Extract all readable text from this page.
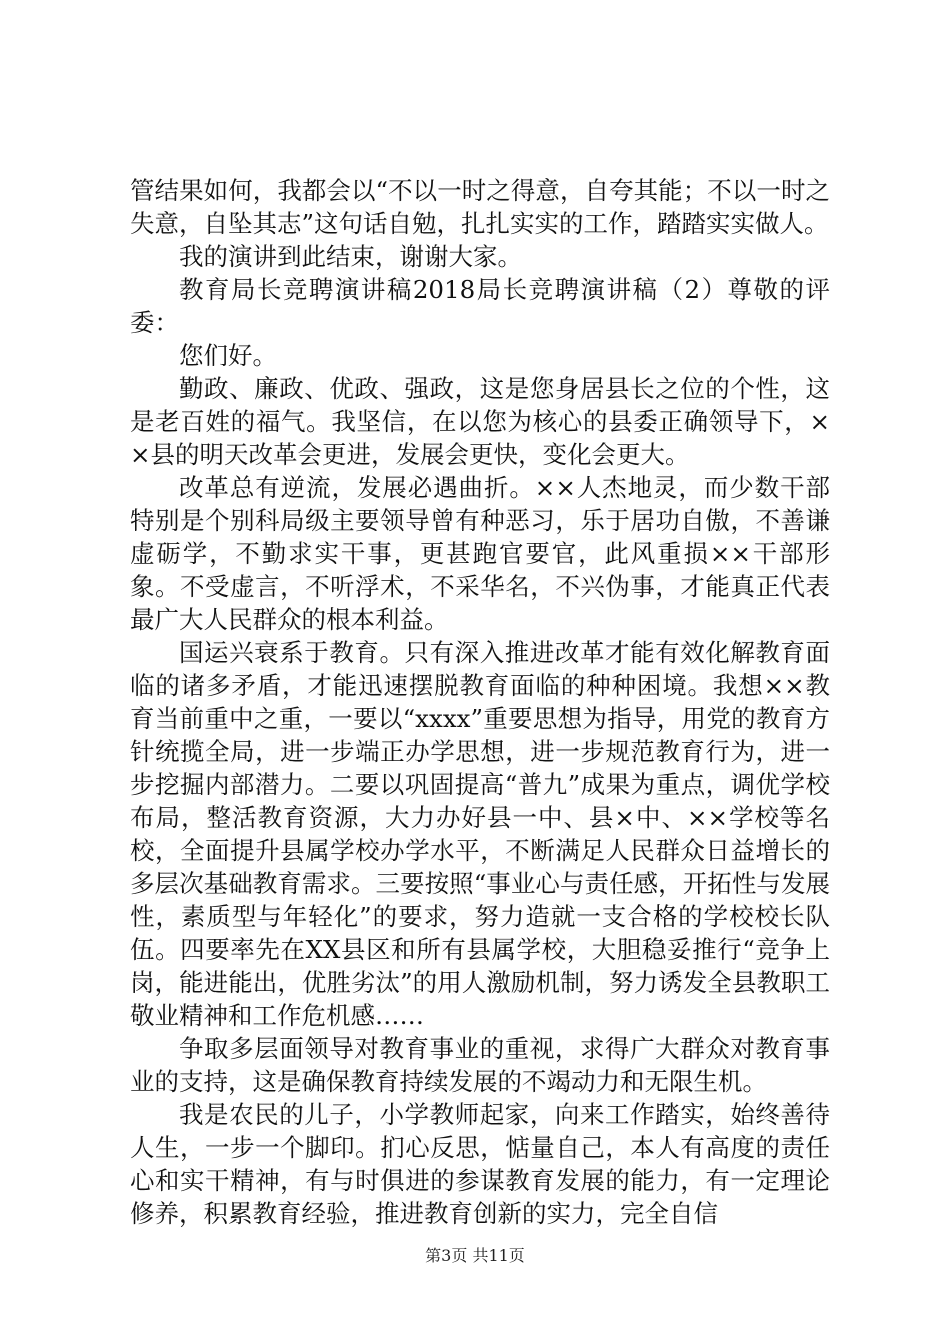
管结果如何，我都会以“不以一时之得意，自夸其能；不以一时之失意，自坠其志”这句话自勉，扎扎实实的工作，踏踏实实做人。

我的演讲到此结束，谢谢大家。

教育局长竞聘演讲稿2018局长竞聘演讲稿（2）尊敬的评委：

您们好。

勤政、廉政、优政、强政，这是您身居县长之位的个性，这是老百姓的福气。我坚信，在以您为核心的县委正确领导下，××县的明天改革会更进，发展会更快，变化会更大。

改革总有逆流，发展必遇曲折。××人杰地灵，而少数干部特别是个别科局级主要领导曾有种恶习，乐于居功自傲，不善谦虚砺学，不勤求实干事，更甚跑官要官，此风重损××干部形象。不受虚言，不听浮术，不采华名，不兴伪事，才能真正代表最广大人民群众的根本利益。

国运兴衰系于教育。只有深入推进改革才能有效化解教育面临的诸多矛盾，才能迅速摆脱教育面临的种种困境。我想××教育当前重中之重，一要以“xxxx”重要思想为指导，用党的教育方针统揽全局，进一步端正办学思想，进一步规范教育行为，进一步挖掘内部潜力。二要以巩固提高“普九”成果为重点，调优学校布局，整活教育资源，大力办好县一中、县×中、××学校等名校，全面提升县属学校办学水平，不断满足人民群众日益增长的多层次基础教育需求。三要按照“事业心与责任感，开拓性与发展性，素质型与年轻化”的要求，努力造就一支合格的学校校长队伍。四要率先在XX县区和所有县属学校，大胆稳妥推行“竞争上岗，能进能出，优胜劣汰”的用人激励机制，努力诱发全县教职工敬业精神和工作危机感……

争取多层面领导对教育事业的重视，求得广大群众对教育事业的支持，这是确保教育持续发展的不竭动力和无限生机。

我是农民的儿子，小学教师起家，向来工作踏实，始终善待人生，一步一个脚印。扪心反思，惦量自己，本人有高度的责任心和实干精神，有与时俱进的参谋教育发展的能力，有一定理论修养，积累教育经验，推进教育创新的实力，完全自信

第3页 共11页
